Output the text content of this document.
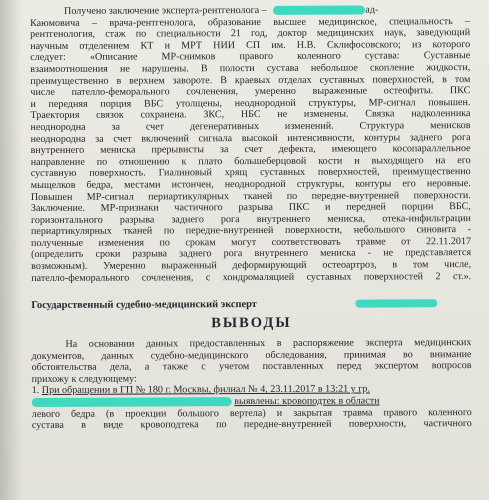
Получено заключение эксперта-рентгенолога –	ад-
Каюмовича – врача-рентгенолога, образование высшее медицинское, специальность –
рентгенология, стаж по специальности 21 год, доктор медицинских наук, заведующий
научным отделением КТ и МРТ НИИ СП им. Н.В. Склифосовского; из которого
следует: «Описание МР-снимков правого коленного сустава: Суставные
взаимоотношения не нарушены. В полости сустава небольшое скопление жидкости,
преимущественно в верхнем завороте. В краевых отделах суставных поверхностей, в том
числе пателло-феморального сочленения, умеренно выраженные остеофиты. ПКС
и передняя порция ВБС утолщены, неоднородной структуры, МР-сигнал повышен.
Траектория связок сохранена. ЗКС, НБС не изменены. Связка надколенника
неоднородна за счет дегенеративных изменений. Структура менисков
неоднородна за счет включений сигнала высокой интенсивности, контуры заднего рога
внутреннего мениска прерывисты за счет дефекта, имеющего косопараллельное
направление по отношению к плато большеберцовой кости и выходящего на его
суставную поверхность. Гиалиновый хрящ суставных поверхностей, преимущественно
мыщелков бедра, местами истончен, неоднородной структуры, контуры его неровные.
Повышен МР-сигнал периартикулярных тканей по передне-внутренней поверхности.
Заключение. МР-признаки частичного разрыва ПКС и передней порции ВБС,
горизонтального разрыва заднего рога внутреннего мениска, отека-инфильтрации
периартикулярных тканей по передне-внутренней поверхности, небольшого синовита -
полученные изменения по срокам могут соответствовать травме от 22.11.2017
(определить сроки разрыва заднего рога внутреннего мениска - не представляется
возможным). Умеренно выраженный деформирующий остеоартроз, в том числе,
пателло-феморального сочленения, с хондромаляцией суставных поверхностей 2 ст.».
Государственный судебно-медицинский эксперт
ВЫВОДЫ
На основании данных предоставленных в распоряжение эксперта медицинских
документов, данных судебно-медицинского обследования, принимая во внимание
обстоятельства дела, а также с учетом поставленных перед экспертом вопросов
прихожу к следующему:
1. При обращении в ГП № 180 г. Москвы, филиал № 4, 23.11.2017 в 13:21 у гр.
выявлены: кровоподтек в области
левого бедра (в проекции большого вертела) и закрытая травма правого коленного
сустава в виде кровоподтека по передне-внутренней поверхности, частичного
